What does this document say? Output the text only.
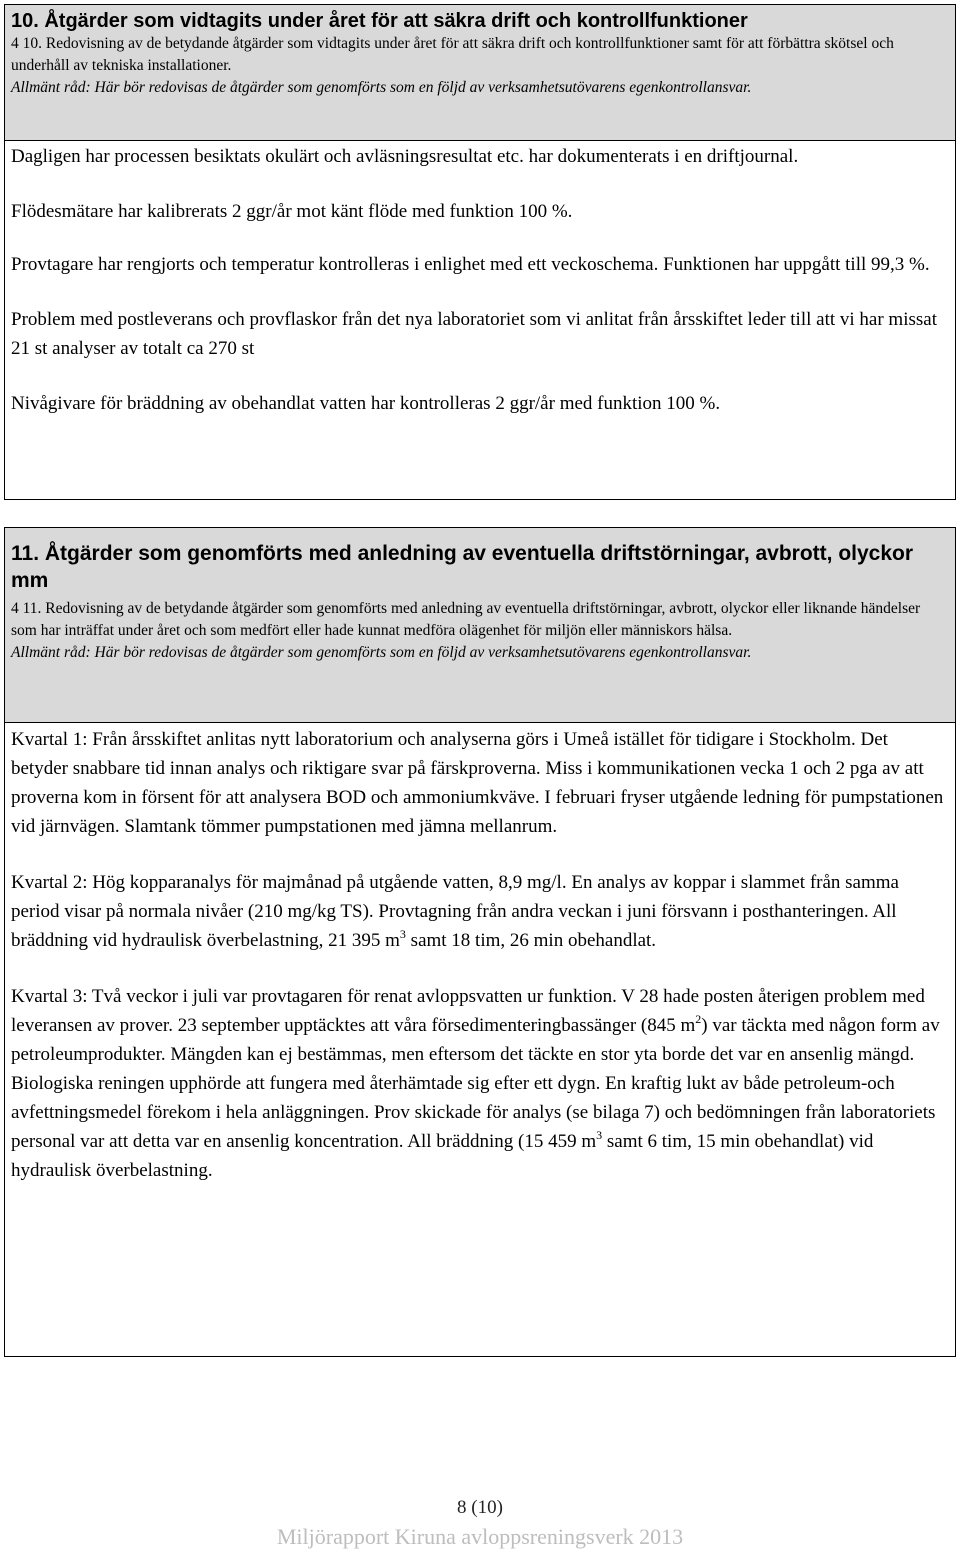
10. Åtgärder som vidtagits under året för att säkra drift och kontrollfunktioner
4 10. Redovisning av de betydande åtgärder som vidtagits under året för att säkra drift och kontrollfunktioner samt för att förbättra skötsel och underhåll av tekniska installationer.
Allmänt råd: Här bör redovisas de åtgärder som genomförts som en följd av verksamhetsutövarens egenkontrollansvar.

Dagligen har processen besiktats okulärt och avläsningsresultat etc. har dokumenterats i en driftjournal.

Flödesmätare har kalibrerats 2 ggr/år mot känt flöde med funktion 100 %.

Provtagare har rengjorts och temperatur kontrolleras i enlighet med ett veckoschema. Funktionen har uppgått till 99,3 %.

Problem med postleverans och provflaskor från det nya laboratoriet som vi anlitat från årsskiftet leder till att vi har missat 21 st analyser av totalt ca 270 st

Nivågivare för bräddning av obehandlat vatten har kontrolleras 2 ggr/år med funktion 100 %.

11. Åtgärder som genomförts med anledning av eventuella driftstörningar, avbrott, olyckor mm
4 11. Redovisning av de betydande åtgärder som genomförts med anledning av eventuella driftstörningar, avbrott, olyckor eller liknande händelser som har inträffat under året och som medfört eller hade kunnat medföra olägenhet för miljön eller människors hälsa.
Allmänt råd: Här bör redovisas de åtgärder som genomförts som en följd av verksamhetsutövarens egenkontrollansvar.

Kvartal 1: Från årsskiftet anlitas nytt laboratorium och analyserna görs i Umeå istället för tidigare i Stockholm. Det betyder snabbare tid innan analys och riktigare svar på färskproverna. Miss i kommunikationen vecka 1 och 2 pga av att proverna kom in försent för att analysera BOD och ammoniumkväve. I februari fryser utgående ledning för pumpstationen vid järnvägen. Slamtank tömmer pumpstationen med jämna mellanrum.

Kvartal 2: Hög kopparanalys för majmånad på utgående vatten, 8,9 mg/l. En analys av koppar i slammet från samma period visar på normala nivåer (210 mg/kg TS). Provtagning från andra veckan i juni försvann i posthanteringen. All bräddning vid hydraulisk överbelastning, 21 395 $m^3$ samt 18 tim, 26 min obehandlat.

Kvartal 3: Två veckor i juli var provtagaren för renat avloppsvatten ur funktion. V 28 hade posten återigen problem med leveransen av prover. 23 september upptäcktes att våra försedimenteringbassänger (845 $m^2$) var täckta med någon form av petroleumprodukter. Mängden kan ej bestämmas, men eftersom det täckte en stor yta borde det var en ansenlig mängd. Biologiska reningen upphörde att fungera med återhämtade sig efter ett dygn. En kraftig lukt av både petroleum-och avfettningsmedel förekom i hela anläggningen. Prov skickade för analys (se bilaga 7) och bedömningen från laboratoriets personal var att detta var en ansenlig koncentration. All bräddning (15 459 $m^3$ samt 6 tim, 15 min obehandlat) vid hydraulisk överbelastning.

8 (10)
Miljörapport Kiruna avloppsreningsverk 2013
